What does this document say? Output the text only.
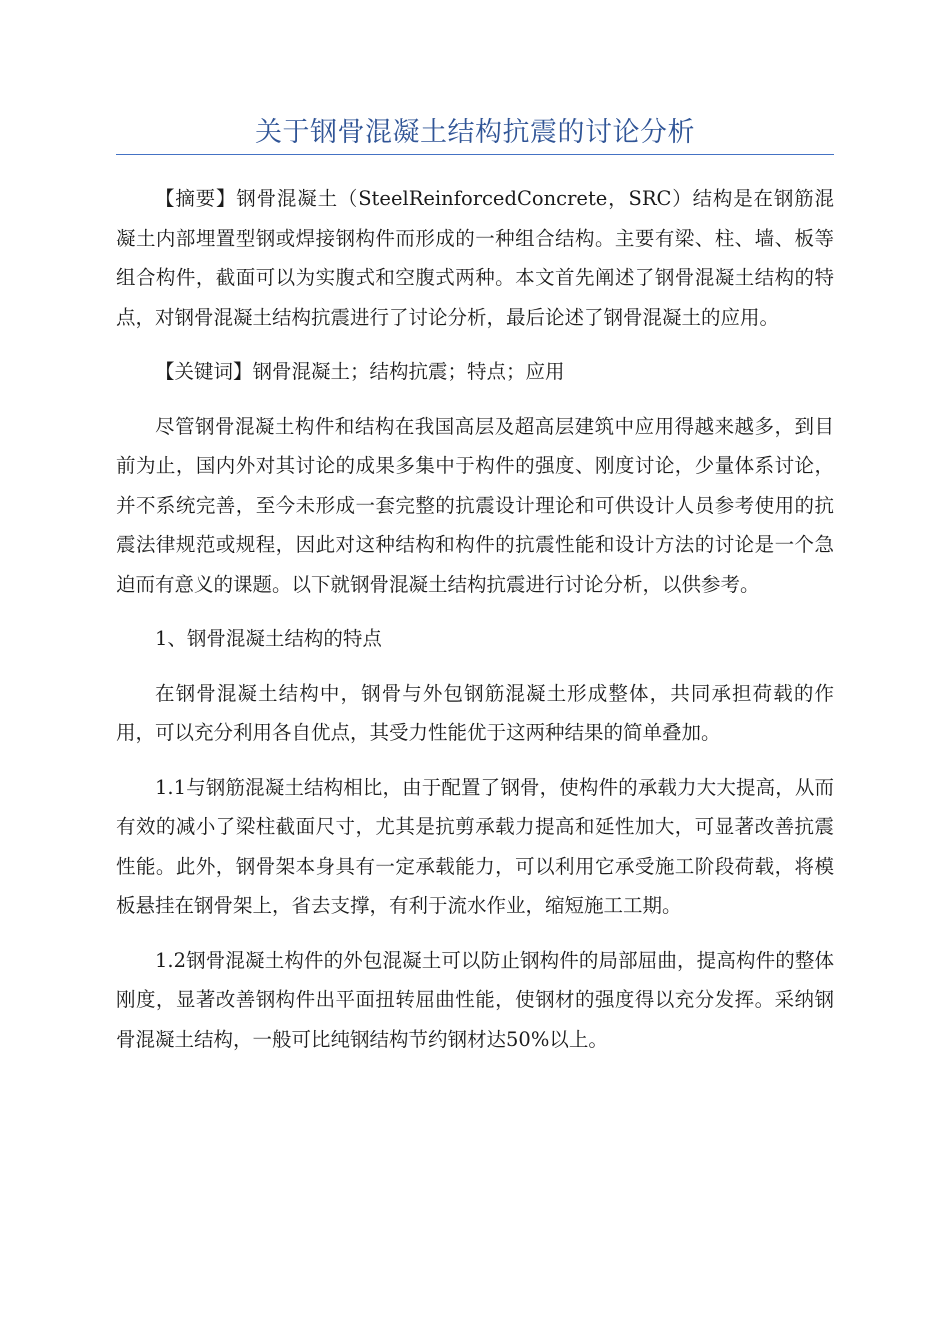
关于钢骨混凝土结构抗震的讨论分析

【摘要】钢骨混凝土（SteelReinforcedConcrete，SRC）结构是在钢筋混凝土内部埋置型钢或焊接钢构件而形成的一种组合结构。主要有梁、柱、墙、板等组合构件，截面可以为实腹式和空腹式两种。本文首先阐述了钢骨混凝土结构的特点，对钢骨混凝土结构抗震进行了讨论分析，最后论述了钢骨混凝土的应用。

【关键词】钢骨混凝土；结构抗震；特点；应用

尽管钢骨混凝土构件和结构在我国高层及超高层建筑中应用得越来越多，到目前为止，国内外对其讨论的成果多集中于构件的强度、刚度讨论，少量体系讨论，并不系统完善，至今未形成一套完整的抗震设计理论和可供设计人员参考使用的抗震法律规范或规程，因此对这种结构和构件的抗震性能和设计方法的讨论是一个急迫而有意义的课题。以下就钢骨混凝土结构抗震进行讨论分析，以供参考。

1、钢骨混凝土结构的特点

在钢骨混凝土结构中，钢骨与外包钢筋混凝土形成整体，共同承担荷载的作用，可以充分利用各自优点，其受力性能优于这两种结果的简单叠加。

1.1与钢筋混凝土结构相比，由于配置了钢骨，使构件的承载力大大提高，从而有效的减小了梁柱截面尺寸，尤其是抗剪承载力提高和延性加大，可显著改善抗震性能。此外，钢骨架本身具有一定承载能力，可以利用它承受施工阶段荷载，将模板悬挂在钢骨架上，省去支撑，有利于流水作业，缩短施工工期。

1.2钢骨混凝土构件的外包混凝土可以防止钢构件的局部屈曲，提高构件的整体刚度，显著改善钢构件出平面扭转屈曲性能，使钢材的强度得以充分发挥。采纳钢骨混凝土结构，一般可比纯钢结构节约钢材达50%以上。
